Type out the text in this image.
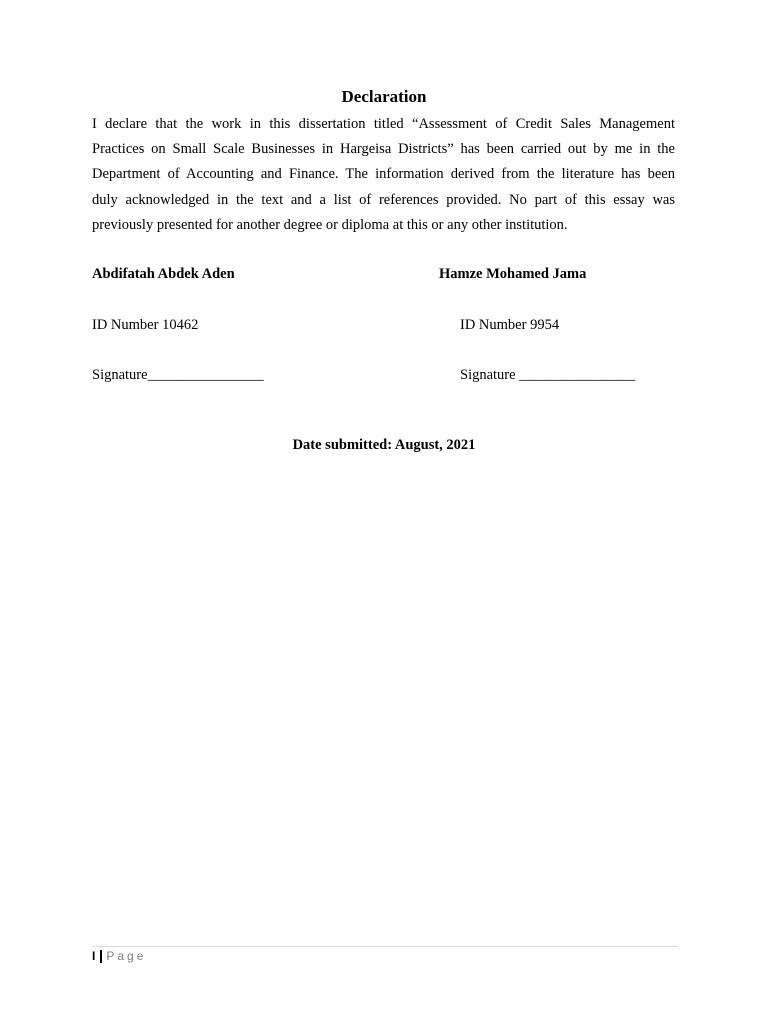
Declaration
I declare that the work in this dissertation titled “Assessment of Credit Sales Management
Practices on Small Scale Businesses in Hargeisa Districts” has been carried out by me in the
Department of Accounting and Finance. The information derived from the literature has been
duly acknowledged in the text and a list of references provided. No part of this essay was
previously presented for another degree or diploma at this or any other institution.
Abdifatah Abdek Aden
ID Number 10462
Signature________________
Hamze Mohamed Jama
ID Number 9954
Signature ________________
Date submitted: August, 2021
I Page
